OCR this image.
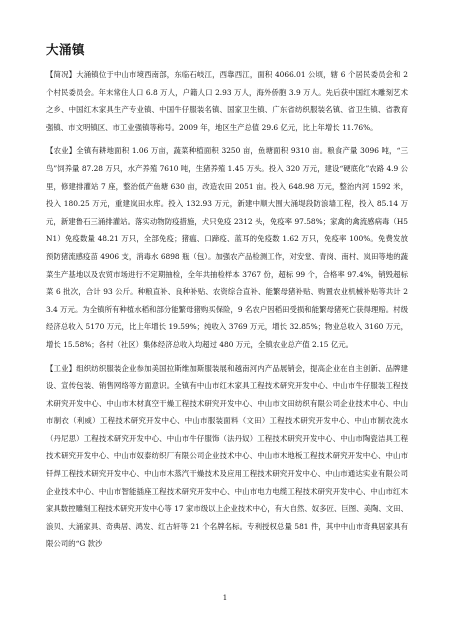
大涌镇

【简况】大涌镇位于中山市境西南部，东临石岐江，西靠西江，面积 4066.01 公顷，辖 6 个居民委员会和 2 个村民委员会。年末常住人口 6.8 万人，户籍人口 2.93 万人，海外侨胞 3.9 万人。先后获中国红木雕刻艺术之乡、中国红木家具生产专业镇、中国牛仔服装名镇、国家卫生镇、广东省纺织服装名镇、省卫生镇、省教育强镇、市文明镇区、市工业强镇等称号。2009 年，地区生产总值 29.6 亿元，比上年增长 11.76%。

【农业】全镇有耕地面积 1.06 万亩，蔬菜种植面积 3250 亩，鱼塘面积 9310 亩。粮食产量 3096 吨，“三鸟”饲养量 87.28 万只，水产养殖 7610 吨，生猪养殖 1.45 万头。投入 320 万元，建设“硬底化”农路 4.9 公里，修建排灌站 7 座，整治低产鱼塘 630 亩，改造农田 2051 亩。投入 648.98 万元，整治内河 1592 米，投入 180.25 万元，重建岚田水库。投入 132.93 万元，新建中顺大围大涌堤段防浪墙工程，投入 85.14 万元，新建鲁石三涌排灌站。落实动物防疫措施，犬只免疫 2312 头，免疫率 97.58%；家禽的禽流感病毒（H5N1）免疫数量 48.21 万只，全部免疫；猪瘟、口蹄疫、蓝耳的免疫数 1.62 万只，免疫率 100%。免费发放预防猪流感疫苗 4906 支，消毒水 6898 瓶（包）。加强农产品检测工作，对安堂、青岗、南村、岚田等地的蔬菜生产基地以及农贸市场进行不定期抽检，全年共抽检样本 3767 份，超标 99 个，合格率 97.4%，销毁超标菜 6 批次，合计 93 公斤。种粮直补、良种补贴、农资综合直补、能繁母猪补贴、购置农业机械补贴等共计 23.4 万元。为全镇所有种植水稻和部分能繁母猪购买保险，9 名农户因稻田受损和能繁母猪死亡获得理赔。村级经济总收入 5170 万元，比上年增长 19.59%；纯收入 3769 万元，增长 32.85%；物业总收入 3160 万元，增长 15.58%；各村（社区）集体经济总收入均超过 480 万元，全镇农业总产值 2.15 亿元。

【工业】组织纺织服装企业参加美国拉斯维加斯服装展和越南河内产品展销会，提高企业在自主创新、品牌建设、宣传包装、销售网络等方面意识。全镇有中山市红木家具工程技术研究开发中心、中山市牛仔服装工程技术研究开发中心、中山市木材真空干燥工程技术研究开发中心、中山市文田纺织有限公司企业技术中心、中山市制衣（利威）工程技术研究开发中心、中山市服装面料（文田）工程技术研究开发中心、中山市制衣洗水（丹尼思）工程技术研究开发中心、中山市牛仔服饰（法丹奴）工程技术研究开发中心、中山市陶瓷洁具工程技术研究开发中心、中山市奴泰纺织厂有限公司企业技术中心、中山市木地板工程技术研究开发中心、中山市钎焊工程技术研究开发中心、中山市木蒸汽干燥技术及应用工程技术研究开发中心、中山市通达实业有限公司企业技术中心、中山市智能插座工程技术研究开发中心、中山市电力电缆工程技术研究开发中心、中山市红木家具数控雕刻工程技术研究开发中心等 17 家市级以上企业技术中心，有大自然、奴多匠、巨图、美陶、文田、浪贝、大涌家具、奇典居、鸿发、红古轩等 21 个名牌名标。专利授权总量 581 件，其中中山市奇典居家具有限公司的“G 款沙

1
